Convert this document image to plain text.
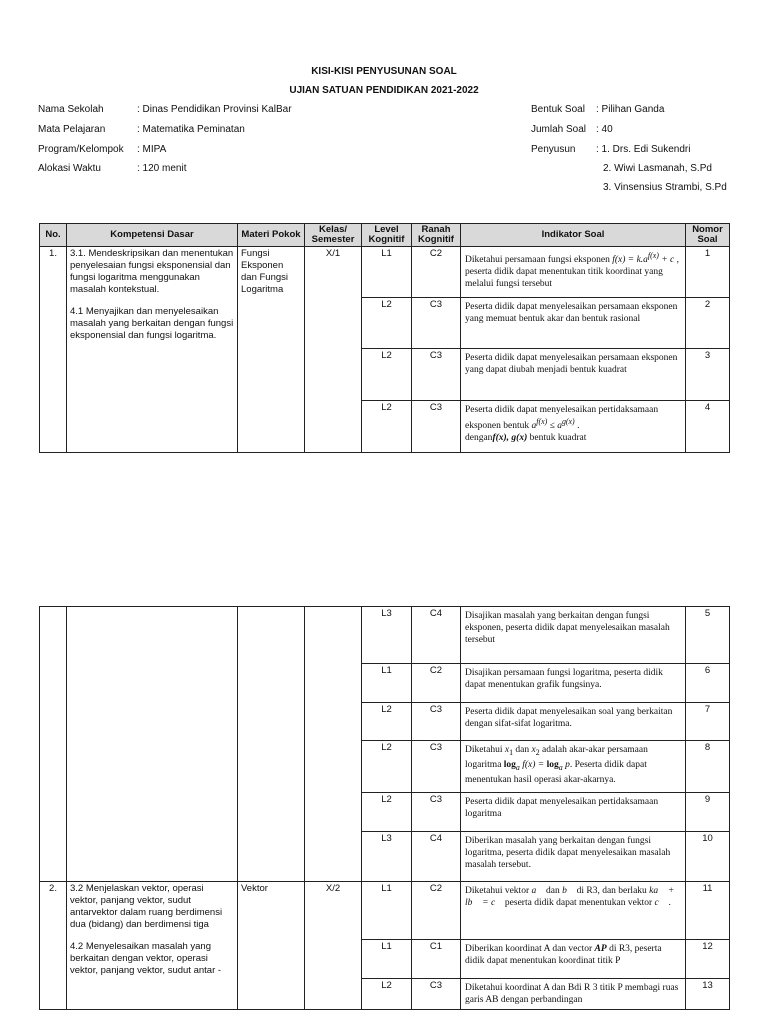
KISI-KISI PENYUSUNAN SOAL
UJIAN SATUAN PENDIDIKAN 2021-2022
Nama Sekolah	: Dinas Pendidikan Provinsi KalBar
Mata Pelajaran	: Matematika Peminatan
Program/Kelompok : MIPA
Alokasi Waktu	: 120 menit
Bentuk Soal : Pilihan Ganda
Jumlah Soal : 40
Penyusun : 1. Drs. Edi Sukendri
2. Wiwi Lasmanah, S.Pd
3. Vinsensius Strambi, S.Pd
No.	Kompetensi Dasar	Materi Pokok	Kelas/ Semester	Level Kognitif	Ranah Kognitif	Indikator Soal	Nomor Soal
1.	3.1. Mendeskripsikan dan menentukan penyelesaian fungsi eksponensial dan fungsi logaritma menggunakan masalah kontekstual.

4.1 Menyajikan dan menyelesaikan masalah yang berkaitan dengan fungsi eksponensial dan fungsi logaritma.	Fungsi Eksponen dan Fungsi Logaritma	X/1	L1	C2	Diketahui persamaan fungsi eksponen $f(x) = k.a^{f(x)} + c$ , peserta didik dapat menentukan titik koordinat yang melalui fungsi tersebut	1
				L2	C3	Peserta didik dapat menyelesaikan persamaan eksponen yang memuat bentuk akar dan bentuk rasional	2
				L2	C3	Peserta didik dapat menyelesaikan persamaan eksponen yang dapat diubah menjadi bentuk kuadrat	3
				L2	C3	Peserta didik dapat menyelesaikan pertidaksamaan eksponen bentuk $a^{f(x)} \le a^{g(x)}$ .
denganf(x), g(x) bentuk kuadrat	4
				L3	C4	Disajikan masalah yang berkaitan dengan fungsi eksponen, peserta didik dapat menyelesaikan masalah tersebut	5
				L1	C2	Disajikan persamaan fungsi logaritma, peserta didik dapat menentukan grafik fungsinya.	6
				L2	C3	Peserta didik dapat menyelesaikan soal yang berkaitan dengan sifat-sifat logaritma.	7
				L2	C3	Diketahui $x_1$ dan $x_2$ adalah akar-akar persamaan logaritma $\log_a f(x) = \log_a p$. Peserta didik dapat menentukan hasil operasi akar-akarnya.	8
				L2	C3	Peserta didik dapat menyelesaikan pertidaksamaan logaritma	9
				L3	C4	Diberikan masalah yang berkaitan dengan fungsi logaritma, peserta didik dapat menyelesaikan masalah masalah tersebut.	10
2.	3.2 Menjelaskan vektor, operasi vektor, panjang vektor, sudut antarvektor dalam ruang berdimensi dua (bidang) dan berdimensi tiga

4.2 Menyelesaikan masalah yang berkaitan dengan vektor, operasi vektor, panjang vektor, sudut antar -	Vektor	X/2	L1	C2	Diketahui vektor a⃗ dan b⃗ di R3, dan berlaku ka⃗ + lb⃗ = c⃗ peserta didik dapat menentukan vektor c⃗ .	11
				L1	C1	Diberikan koordinat A dan vector AP di R3, peserta didik dapat menentukan koordinat titik P	12
				L2	C3	Diketahui koordinat A dan Bdi R 3 titik P membagi ruas garis AB dengan perbandingan	13
